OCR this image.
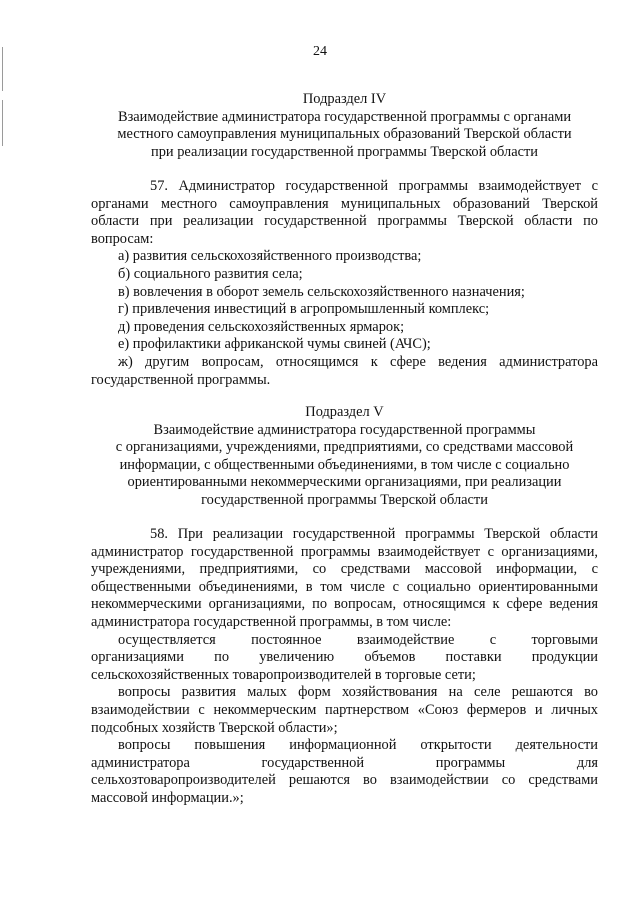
24
Подраздел IV
Взаимодействие администратора государственной программы с органами
местного самоуправления муниципальных образований Тверской области
при реализации государственной программы Тверской области
57. Администратор государственной программы взаимодействует с органами местного самоуправления муниципальных образований Тверской области при реализации государственной программы Тверской области по вопросам:
а) развития сельскохозяйственного производства;
б) социального развития села;
в) вовлечения в оборот земель сельскохозяйственного назначения;
г) привлечения инвестиций в агропромышленный комплекс;
д) проведения сельскохозяйственных ярмарок;
е) профилактики африканской чумы свиней (АЧС);
ж) другим вопросам, относящимся к сфере ведения администратора государственной программы.
Подраздел V
Взаимодействие администратора государственной программы
с организациями, учреждениями, предприятиями, со средствами массовой
информации, с общественными объединениями, в том числе с социально
ориентированными некоммерческими организациями, при реализации
государственной программы Тверской области
58. При реализации государственной программы Тверской области администратор государственной программы взаимодействует с организациями, учреждениями, предприятиями, со средствами массовой информации, с общественными объединениями, в том числе с социально ориентированными некоммерческими организациями, по вопросам, относящимся к сфере ведения администратора государственной программы, в том числе:
осуществляется постоянное взаимодействие с торговыми
организациями по увеличению объемов поставки продукции
сельскохозяйственных товаропроизводителей в торговые сети;
вопросы развития малых форм хозяйствования на селе решаются во
взаимодействии с некоммерческим партнерством «Союз фермеров и личных
подсобных хозяйств Тверской области»;
вопросы повышения информационной открытости деятельности
администратора государственной программы для
сельхозтоваропроизводителей решаются во взаимодействии со средствами
массовой информации.»;
